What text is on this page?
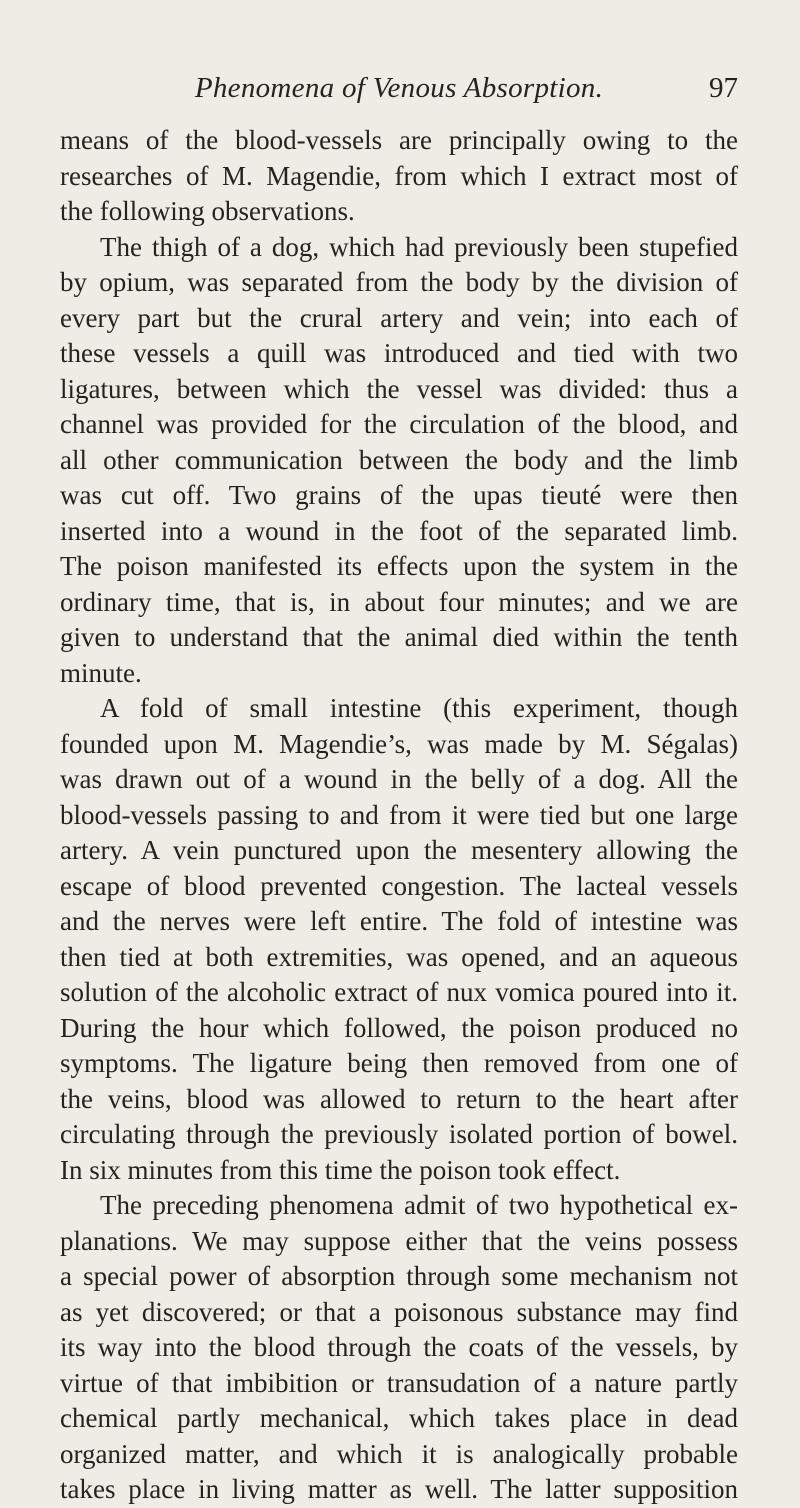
Phenomena of Venous Absorption.	97
means of the blood-vessels are principally owing to the
researches of M. Magendie, from which I extract most of
the following observations.
The thigh of a dog, which had previously been stupefied
by opium, was separated from the body by the division of
every part but the crural artery and vein; into each of
these vessels a quill was introduced and tied with two
ligatures, between which the vessel was divided: thus a
channel was provided for the circulation of the blood, and
all other communication between the body and the limb
was cut off. Two grains of the upas tieuté were then
inserted into a wound in the foot of the separated limb.
The poison manifested its effects upon the system in the
ordinary time, that is, in about four minutes; and we are
given to understand that the animal died within the tenth
minute.
A fold of small intestine (this experiment, though
founded upon M. Magendie’s, was made by M. Ségalas)
was drawn out of a wound in the belly of a dog. All the
blood-vessels passing to and from it were tied but one large
artery. A vein punctured upon the mesentery allowing the
escape of blood prevented congestion. The lacteal vessels
and the nerves were left entire. The fold of intestine was
then tied at both extremities, was opened, and an aqueous
solution of the alcoholic extract of nux vomica poured into it.
During the hour which followed, the poison produced no
symptoms. The ligature being then removed from one of
the veins, blood was allowed to return to the heart after
circulating through the previously isolated portion of bowel.
In six minutes from this time the poison took effect.
The preceding phenomena admit of two hypothetical ex-
planations. We may suppose either that the veins possess
a special power of absorption through some mechanism not
as yet discovered; or that a poisonous substance may find
its way into the blood through the coats of the vessels, by
virtue of that imbibition or transudation of a nature partly
chemical partly mechanical, which takes place in dead
organized matter, and which it is analogically probable
takes place in living matter as well. The latter supposition
